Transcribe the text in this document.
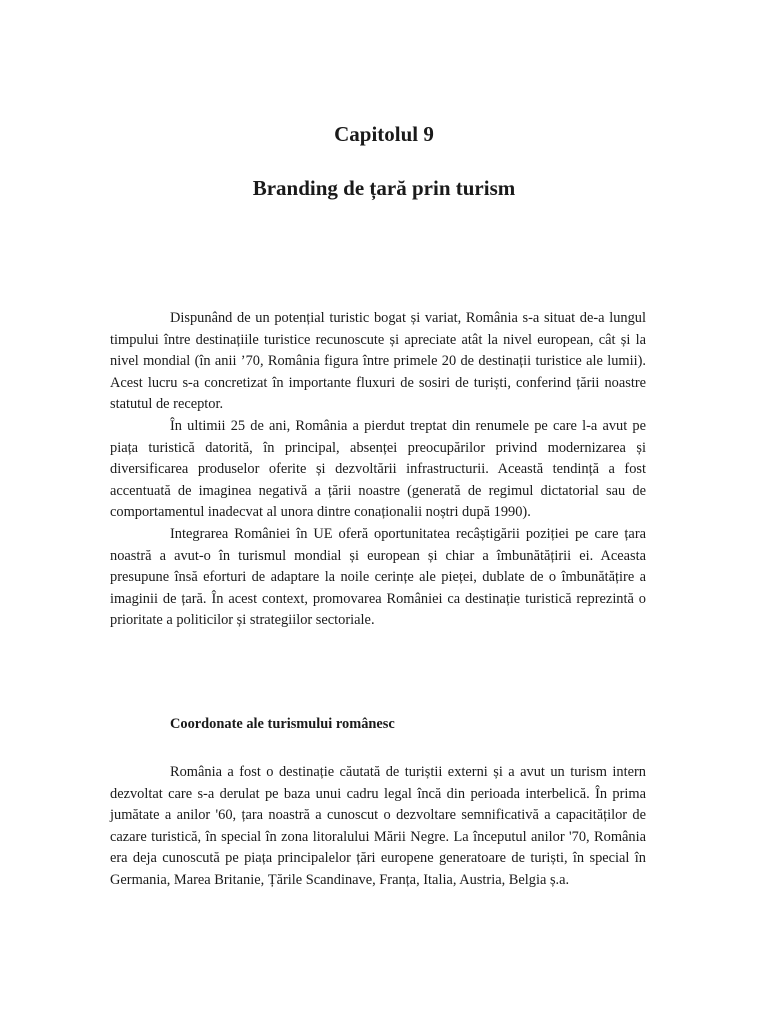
Capitolul 9
Branding de țară prin turism

Dispunând de un potențial turistic bogat și variat, România s-a situat de-a lungul timpului între destinațiile turistice recunoscute și apreciate atât la nivel european, cât și la nivel mondial (în anii ’70, România figura între primele 20 de destinații turistice ale lumii). Acest lucru s-a concretizat în importante fluxuri de sosiri de turiști, conferind țării noastre statutul de receptor.

În ultimii 25 de ani, România a pierdut treptat din renumele pe care l-a avut pe piața turistică datorită, în principal, absenței preocupărilor privind modernizarea și diversificarea produselor oferite și dezvoltării infrastructurii. Această tendință a fost accentuată de imaginea negativă a țării noastre (generată de regimul dictatorial sau de comportamentul inadecvat al unora dintre conaționalii noștri după 1990).

Integrarea României în UE oferă oportunitatea recâștigării poziției pe care țara noastră a avut-o în turismul mondial și european și chiar a îmbunătățirii ei. Aceasta presupune însă eforturi de adaptare la noile cerințe ale pieței, dublate de o îmbunătățire a imaginii de țară. În acest context, promovarea României ca destinație turistică reprezintă o prioritate a politicilor și strategiilor sectoriale.

Coordonate ale turismului românesc

România a fost o destinație căutată de turiștii externi și a avut un turism intern dezvoltat care s-a derulat pe baza unui cadru legal încă din perioada interbelică. În prima jumătate a anilor '60, țara noastră a cunoscut o dezvoltare semnificativă a capacităților de cazare turistică, în special în zona litoralului Mării Negre. La începutul anilor '70, România era deja cunoscută pe piața principalelor țări europene generatoare de turiști, în special în Germania, Marea Britanie, Țările Scandinave, Franța, Italia, Austria, Belgia ș.a.
